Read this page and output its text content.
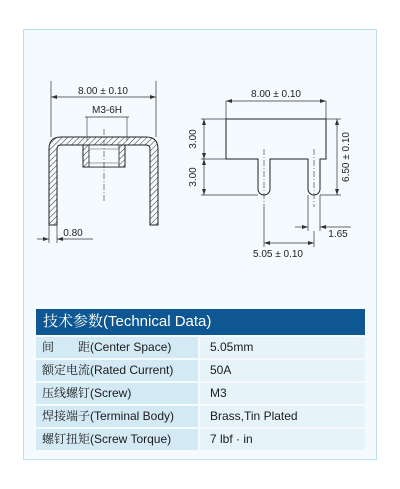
8.00 ± 0.10
M3-6H
0.80
8.00 ± 0.10
3.00
3.00	6.50 ± 0.10
1.65
5.05 ± 0.10
技术参数(Technical Data)
间　　距(Center Space)	5.05mm
额定电流(Rated Current)	50A
压线螺钉(Screw)	M3
焊接端子(Terminal Body)	Brass,Tin Plated
螺钉扭矩(Screw Torque)	7 lbf · in
